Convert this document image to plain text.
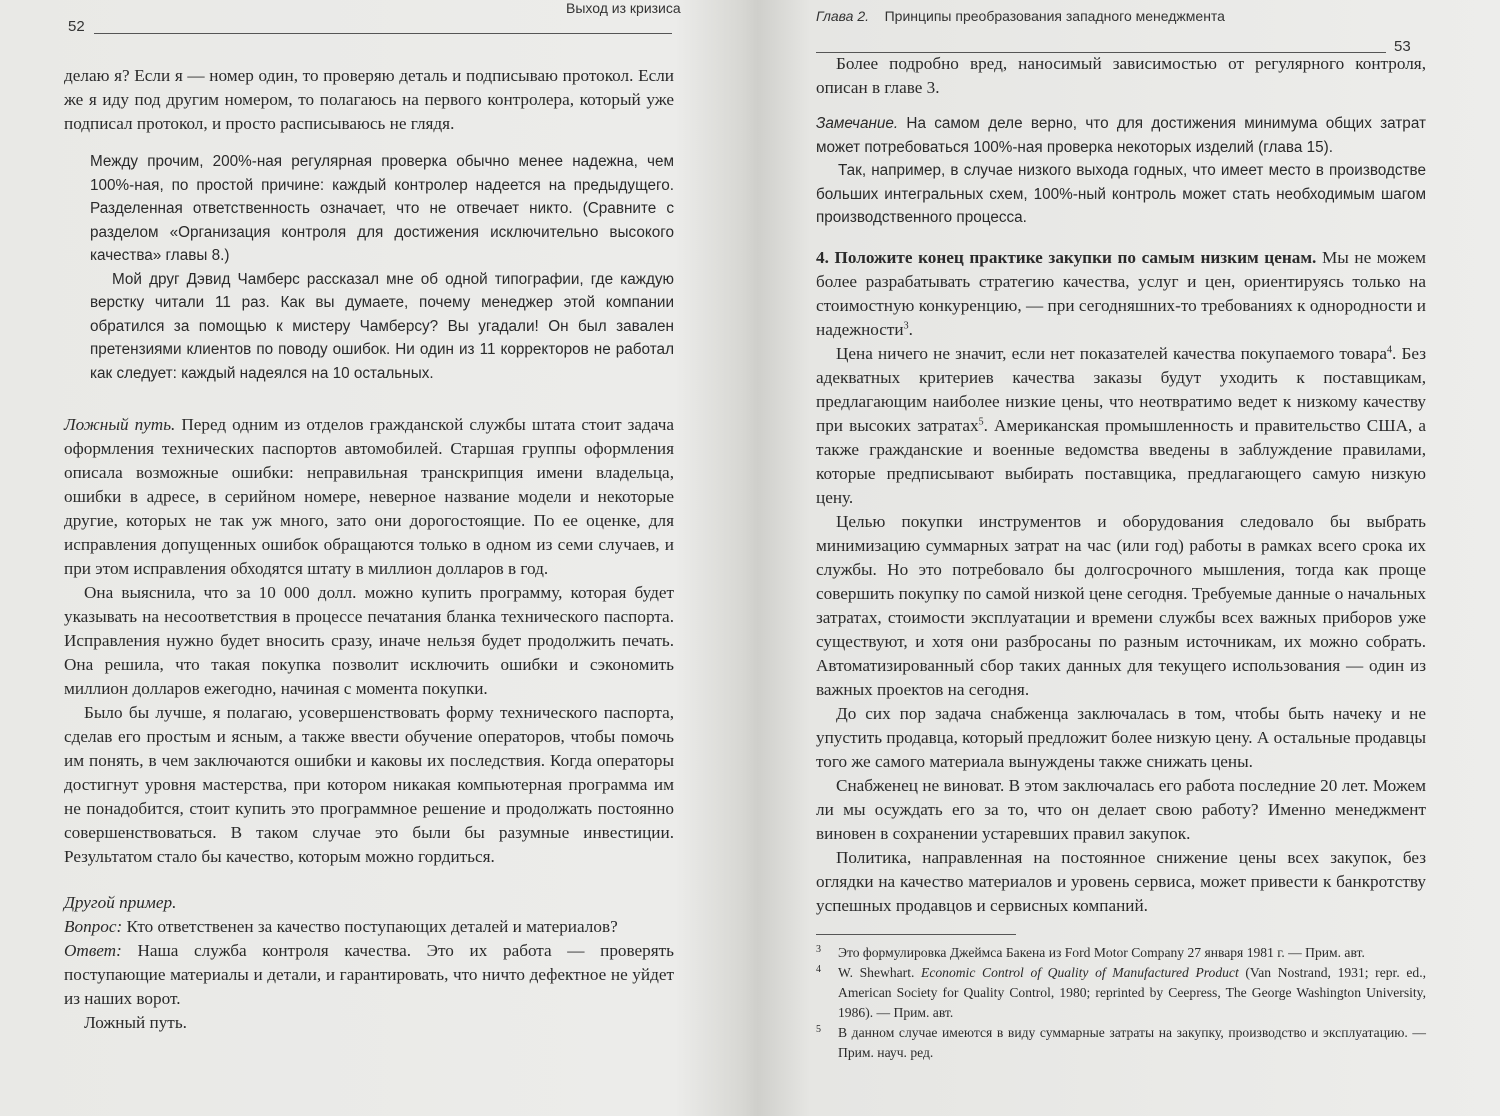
52
Выход из кризиса

делаю я? Если я — номер один, то проверяю деталь и подписываю протокол. Если же я иду под другим номером, то полагаюсь на первого контролера, который уже подписал протокол, и просто расписываюсь не глядя.

Между прочим, 200%-ная регулярная проверка обычно менее надежна, чем 100%-ная, по простой причине: каждый контролер надеется на предыдущего. Разделенная ответственность означает, что не отвечает никто. (Сравните с разделом «Организация контроля для достижения исключительно высокого качества» главы 8.)

Мой друг Дэвид Чамберс рассказал мне об одной типографии, где каждую верстку читали 11 раз. Как вы думаете, почему менеджер этой компании обратился за помощью к мистеру Чамберсу? Вы угадали! Он был завален претензиями клиентов по поводу ошибок. Ни один из 11 корректоров не работал как следует: каждый надеялся на 10 остальных.

Ложный путь. Перед одним из отделов гражданской службы штата стоит задача оформления технических паспортов автомобилей. Старшая группы оформления описала возможные ошибки: неправильная транскрипция имени владельца, ошибки в адресе, в серийном номере, неверное название модели и некоторые другие, которых не так уж много, зато они дорогостоящие. По ее оценке, для исправления допущенных ошибок обращаются только в одном из семи случаев, и при этом исправления обходятся штату в миллион долларов в год.

Она выяснила, что за 10 000 долл. можно купить программу, которая будет указывать на несоответствия в процессе печатания бланка технического паспорта. Исправления нужно будет вносить сразу, иначе нельзя будет продолжить печать. Она решила, что такая покупка позволит исключить ошибки и сэкономить миллион долларов ежегодно, начиная с момента покупки.

Было бы лучше, я полагаю, усовершенствовать форму технического паспорта, сделав его простым и ясным, а также ввести обучение операторов, чтобы помочь им понять, в чем заключаются ошибки и каковы их последствия. Когда операторы достигнут уровня мастерства, при котором никакая компьютерная программа им не понадобится, стоит купить это программное решение и продолжать постоянно совершенствоваться. В таком случае это были бы разумные инвестиции. Результатом стало бы качество, которым можно гордиться.

Другой пример.

Вопрос: Кто ответственен за качество поступающих деталей и материалов?

Ответ: Наша служба контроля качества. Это их работа — проверять поступающие материалы и детали, и гарантировать, что ничто дефектное не уйдет из наших ворот.

Ложный путь.

Глава 2. Принципы преобразования западного менеджмента
53

Более подробно вред, наносимый зависимостью от регулярного контроля, описан в главе 3.

Замечание. На самом деле верно, что для достижения минимума общих затрат может потребоваться 100%-ная проверка некоторых изделий (глава 15).

Так, например, в случае низкого выхода годных, что имеет место в производстве больших интегральных схем, 100%-ный контроль может стать необходимым шагом производственного процесса.

4. Положите конец практике закупки по самым низким ценам. Мы не можем более разрабатывать стратегию качества, услуг и цен, ориентируясь только на стоимостную конкуренцию, — при сегодняшних-то требованиях к однородности и надежности$^3$.

Цена ничего не значит, если нет показателей качества покупаемого товара$^4$. Без адекватных критериев качества заказы будут уходить к поставщикам, предлагающим наиболее низкие цены, что неотвратимо ведет к низкому качеству при высоких затратах$^5$. Американская промышленность и правительство США, а также гражданские и военные ведомства введены в заблуждение правилами, которые предписывают выбирать поставщика, предлагающего самую низкую цену.

Целью покупки инструментов и оборудования следовало бы выбрать минимизацию суммарных затрат на час (или год) работы в рамках всего срока их службы. Но это потребовало бы долгосрочного мышления, тогда как проще совершить покупку по самой низкой цене сегодня. Требуемые данные о начальных затратах, стоимости эксплуатации и времени службы всех важных приборов уже существуют, и хотя они разбросаны по разным источникам, их можно собрать. Автоматизированный сбор таких данных для текущего использования — один из важных проектов на сегодня.

До сих пор задача снабженца заключалась в том, чтобы быть начеку и не упустить продавца, который предложит более низкую цену. А остальные продавцы того же самого материала вынуждены также снижать цены.

Снабженец не виноват. В этом заключалась его работа последние 20 лет. Можем ли мы осуждать его за то, что он делает свою работу? Именно менеджмент виновен в сохранении устаревших правил закупок.

Политика, направленная на постоянное снижение цены всех закупок, без оглядки на качество материалов и уровень сервиса, может привести к банкротству успешных продавцов и сервисных компаний.

3	Это формулировка Джеймса Бакена из Ford Motor Company 27 января 1981 г. — Прим. авт.
4	W. Shewhart. Economic Control of Quality of Manufactured Product (Van Nostrand, 1931; repr. ed., American Society for Quality Control, 1980; reprinted by Ceepress, The George Washington University, 1986). — Прим. авт.
5	В данном случае имеются в виду суммарные затраты на закупку, производство и эксплуатацию. — Прим. науч. ред.
